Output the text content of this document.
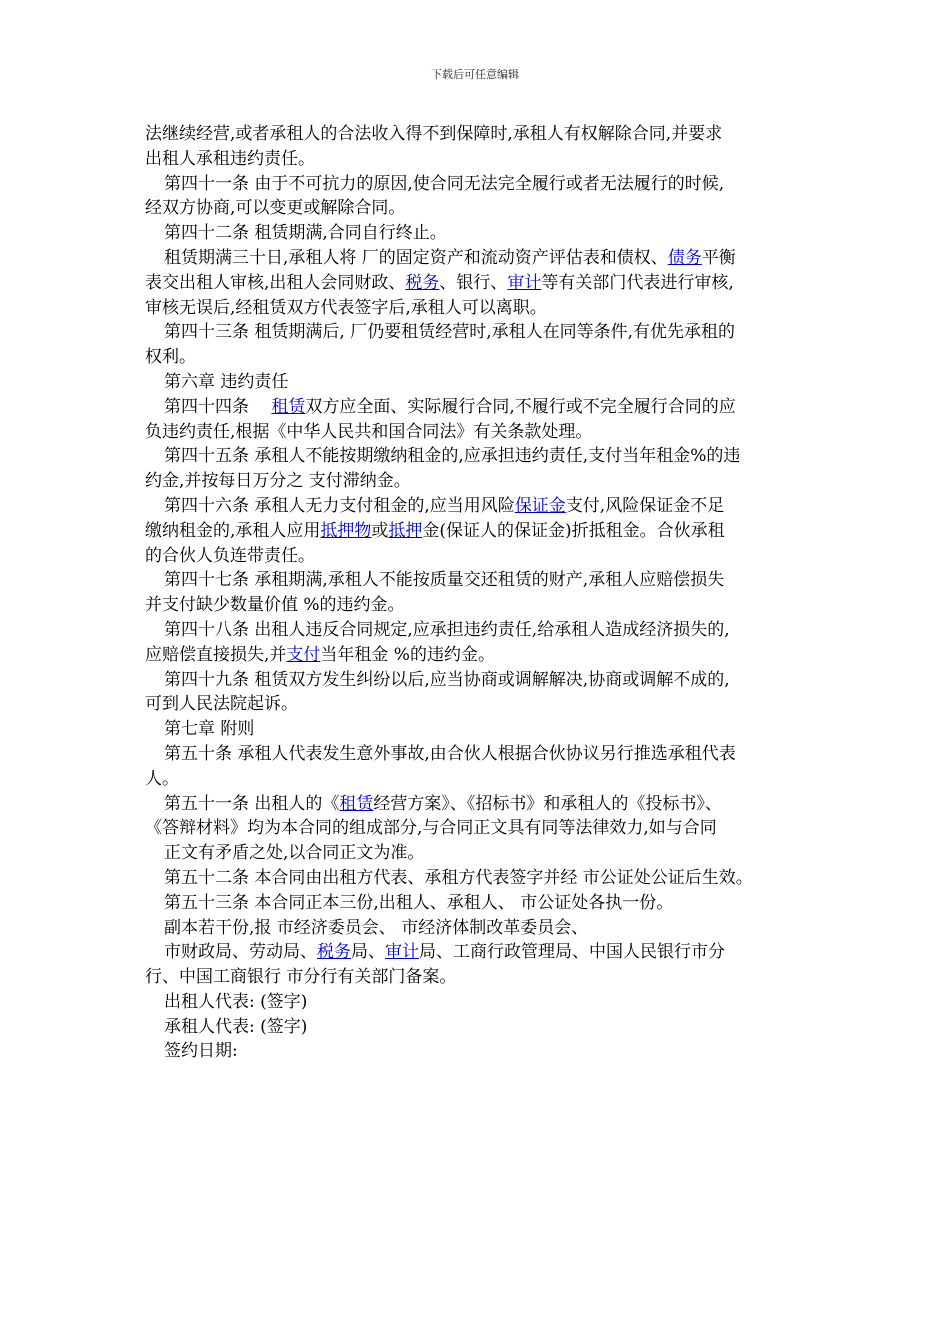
下载后可任意编辑
法继续经营,或者承租人的合法收入得不到保障时,承租人有权解除合同,并要求
出租人承租违约责任。
第四十一条 由于不可抗力的原因,使合同无法完全履行或者无法履行的时候,
经双方协商,可以变更或解除合同。
第四十二条 租赁期满,合同自行终止。
租赁期满三十日,承租人将 厂的固定资产和流动资产评估表和债权、债务平衡
表交出租人审核,出租人会同财政、税务、银行、审计等有关部门代表进行审核,
审核无误后,经租赁双方代表签字后,承租人可以离职。
第四十三条 租赁期满后, 厂仍要租赁经营时,承租人在同等条件,有优先承租的
权利。
第六章 违约责任
第四十四条 　租赁双方应全面、实际履行合同,不履行或不完全履行合同的应
负违约责任,根据《中华人民共和国合同法》有关条款处理。
第四十五条 承租人不能按期缴纳租金的,应承担违约责任,支付当年租金%的违
约金,并按每日万分之 支付滞纳金。
第四十六条 承租人无力支付租金的,应当用风险保证金支付,风险保证金不足
缴纳租金的,承租人应用抵押物或抵押金(保证人的保证金)折抵租金。合伙承租
的合伙人负连带责任。
第四十七条 承租期满,承租人不能按质量交还租赁的财产,承租人应赔偿损失
并支付缺少数量价值 %的违约金。
第四十八条 出租人违反合同规定,应承担违约责任,给承租人造成经济损失的,
应赔偿直接损失,并支付当年租金 %的违约金。
第四十九条 租赁双方发生纠纷以后,应当协商或调解解决,协商或调解不成的,
可到人民法院起诉。
第七章 附则
第五十条 承租人代表发生意外事故,由合伙人根据合伙协议另行推选承租代表
人。
第五十一条 出租人的《租赁经营方案》、《招标书》和承租人的《投标书》、
《答辩材料》均为本合同的组成部分,与合同正文具有同等法律效力,如与合同
正文有矛盾之处,以合同正文为准。
第五十二条 本合同由出租方代表、承租方代表签字并经 市公证处公证后生效。
第五十三条 本合同正本三份,出租人、承租人、 市公证处各执一份。
副本若干份,报 市经济委员会、 市经济体制改革委员会、
市财政局、劳动局、税务局、审计局、工商行政管理局、中国人民银行市分
行、中国工商银行 市分行有关部门备案。
出租人代表: (签字)
承租人代表: (签字)
签约日期:
